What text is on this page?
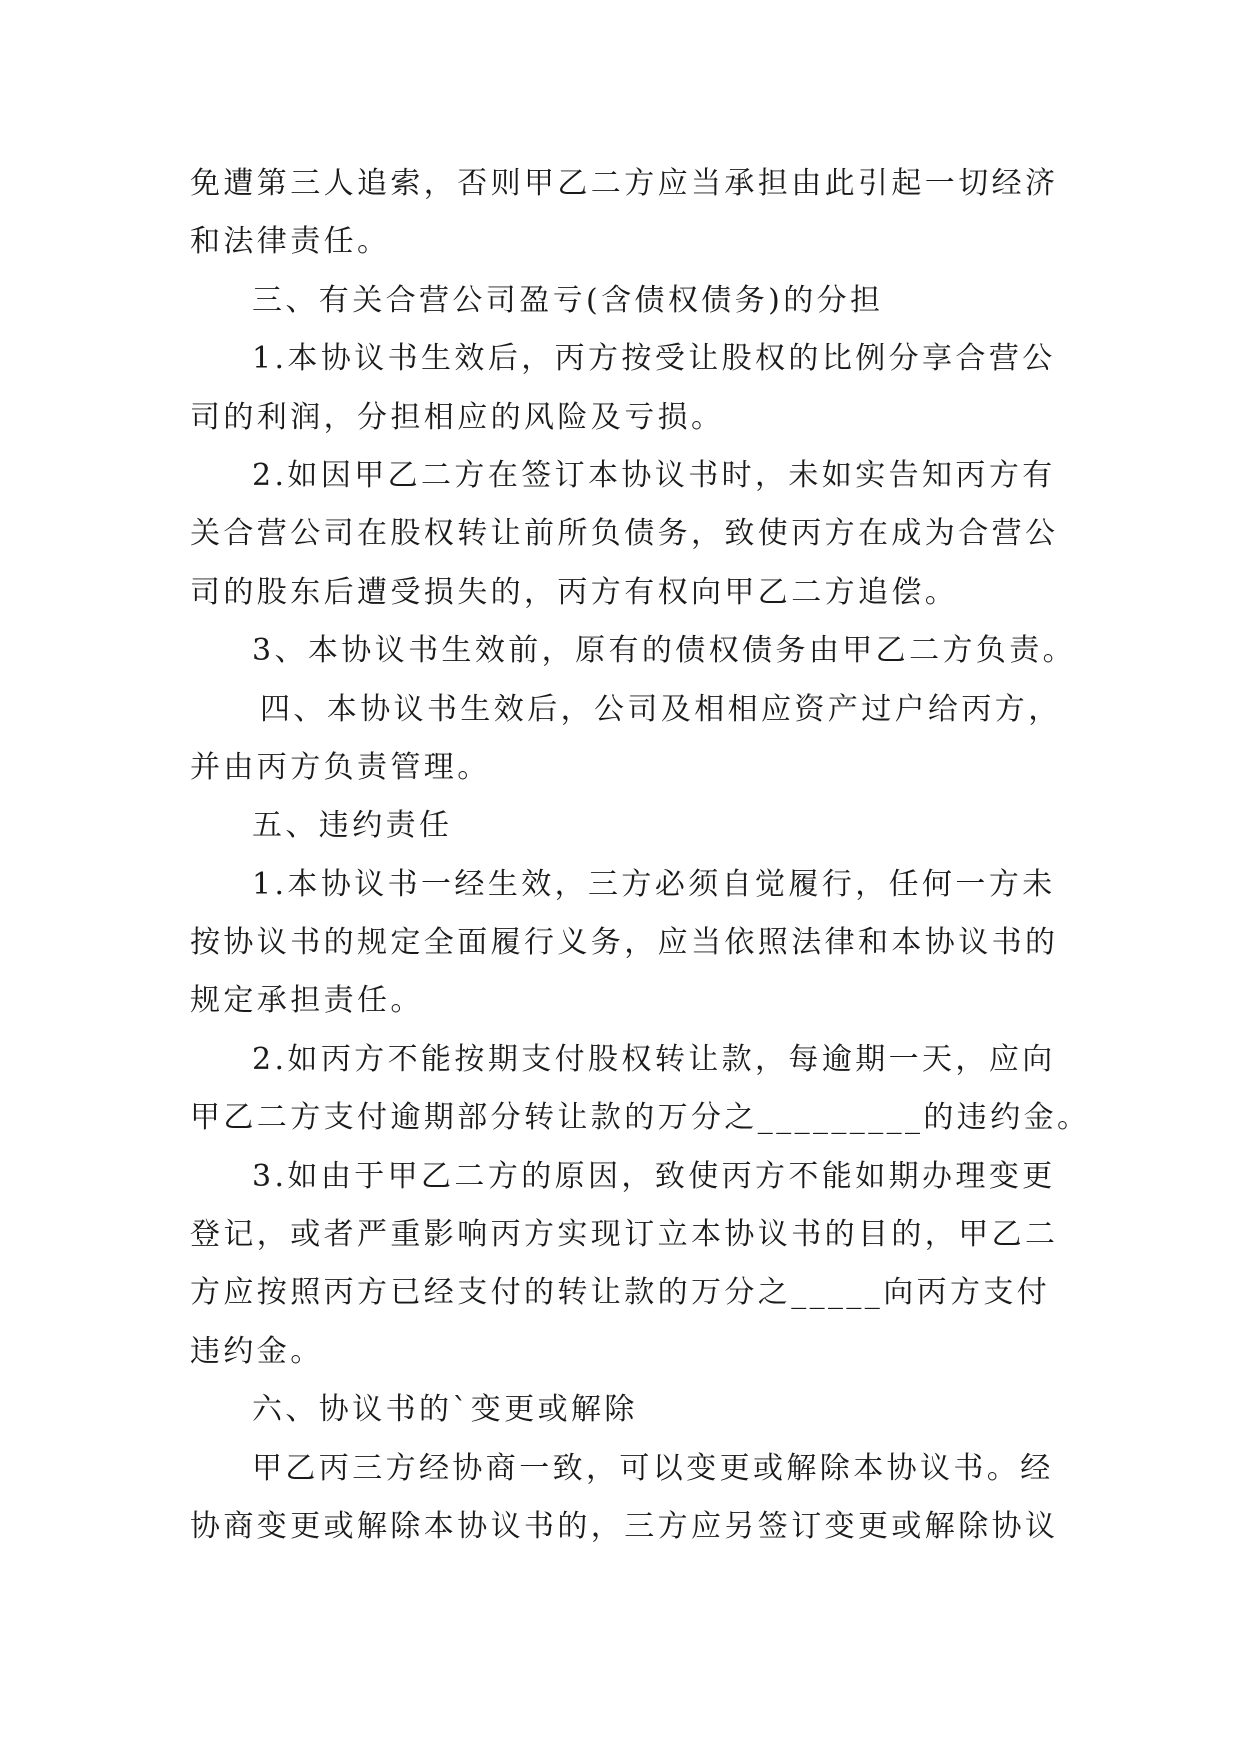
免遭第三人追索，否则甲乙二方应当承担由此引起一切经济
和法律责任。
三、有关合营公司盈亏(含债权债务)的分担
1.本协议书生效后，丙方按受让股权的比例分享合营公
司的利润，分担相应的风险及亏损。
2.如因甲乙二方在签订本协议书时，未如实告知丙方有
关合营公司在股权转让前所负债务，致使丙方在成为合营公
司的股东后遭受损失的，丙方有权向甲乙二方追偿。
3、本协议书生效前，原有的债权债务由甲乙二方负责。
四、本协议书生效后，公司及相相应资产过户给丙方，
并由丙方负责管理。
五、违约责任
1.本协议书一经生效，三方必须自觉履行，任何一方未
按协议书的规定全面履行义务，应当依照法律和本协议书的
规定承担责任。
2.如丙方不能按期支付股权转让款，每逾期一天，应向
甲乙二方支付逾期部分转让款的万分之_________的违约金。
3.如由于甲乙二方的原因，致使丙方不能如期办理变更
登记，或者严重影响丙方实现订立本协议书的目的，甲乙二
方应按照丙方已经支付的转让款的万分之_____向丙方支付
违约金。
六、协议书的`变更或解除
甲乙丙三方经协商一致，可以变更或解除本协议书。经
协商变更或解除本协议书的，三方应另签订变更或解除协议
